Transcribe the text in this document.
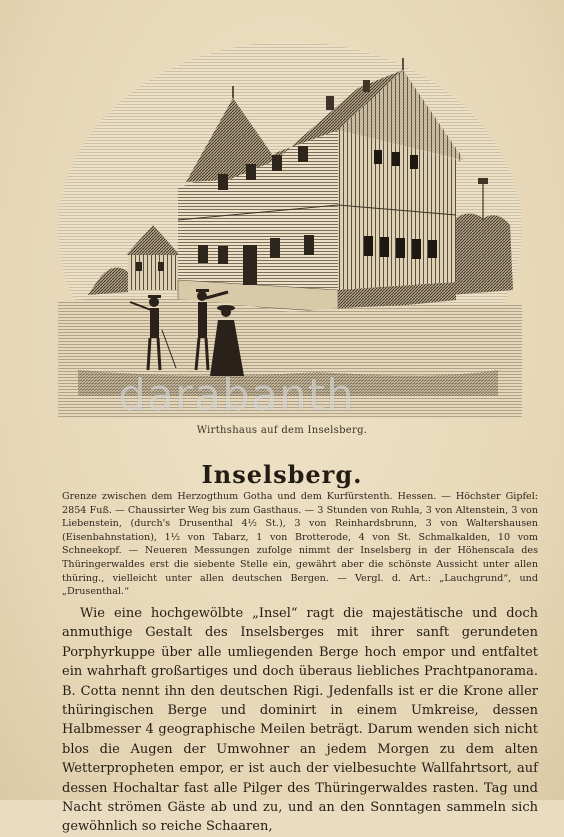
darabanth
Wirthshaus auf dem Inselsberg.
Inselsberg.

Grenze zwischen dem Herzogthum Gotha und dem Kurfürstenth. Hessen. — Höchster Gipfel: 2854 Fuß. — Chaussirter Weg bis zum Gasthaus. — 3 Stunden von Ruhla, 3 von Altenstein, 3 von Liebenstein, (durch's Drusenthal 4½ St.), 3 von Reinhardsbrunn, 3 von Waltershausen (Eisenbahnstation), 1½ von Tabarz, 1 von Brotterode, 4 von St. Schmalkalden, 10 vom Schneekopf. — Neueren Messungen zufolge nimmt der Inselsberg in der Höhenscala des Thüringerwaldes erst die siebente Stelle ein, gewährt aber die schönste Aussicht unter allen thüring., vielleicht unter allen deutschen Bergen. — Vergl. d. Art.: „Lauchgrund“, und „Drusenthal.“

Wie eine hochgewölbte „Insel“ ragt die majestätische und doch anmuthige Gestalt des Inselsberges mit ihrer sanft gerundeten Porphyrkuppe über alle umliegenden Berge hoch empor und entfaltet ein wahrhaft großartiges und doch überaus liebliches Prachtpanorama. B. Cotta nennt ihn den deutschen Rigi. Jedenfalls ist er die Krone aller thüringischen Berge und dominirt in einem Umkreise, dessen Halbmesser 4 geographische Meilen beträgt. Darum wenden sich nicht blos die Augen der Umwohner an jedem Morgen zu dem alten Wetterpropheten empor, er ist auch der vielbesuchte Wallfahrtsort, auf dessen Hochaltar fast alle Pilger des Thüringerwaldes rasten. Tag und Nacht strömen Gäste ab und zu, und an den Sonntagen sammeln sich gewöhnlich so reiche Schaaren,
